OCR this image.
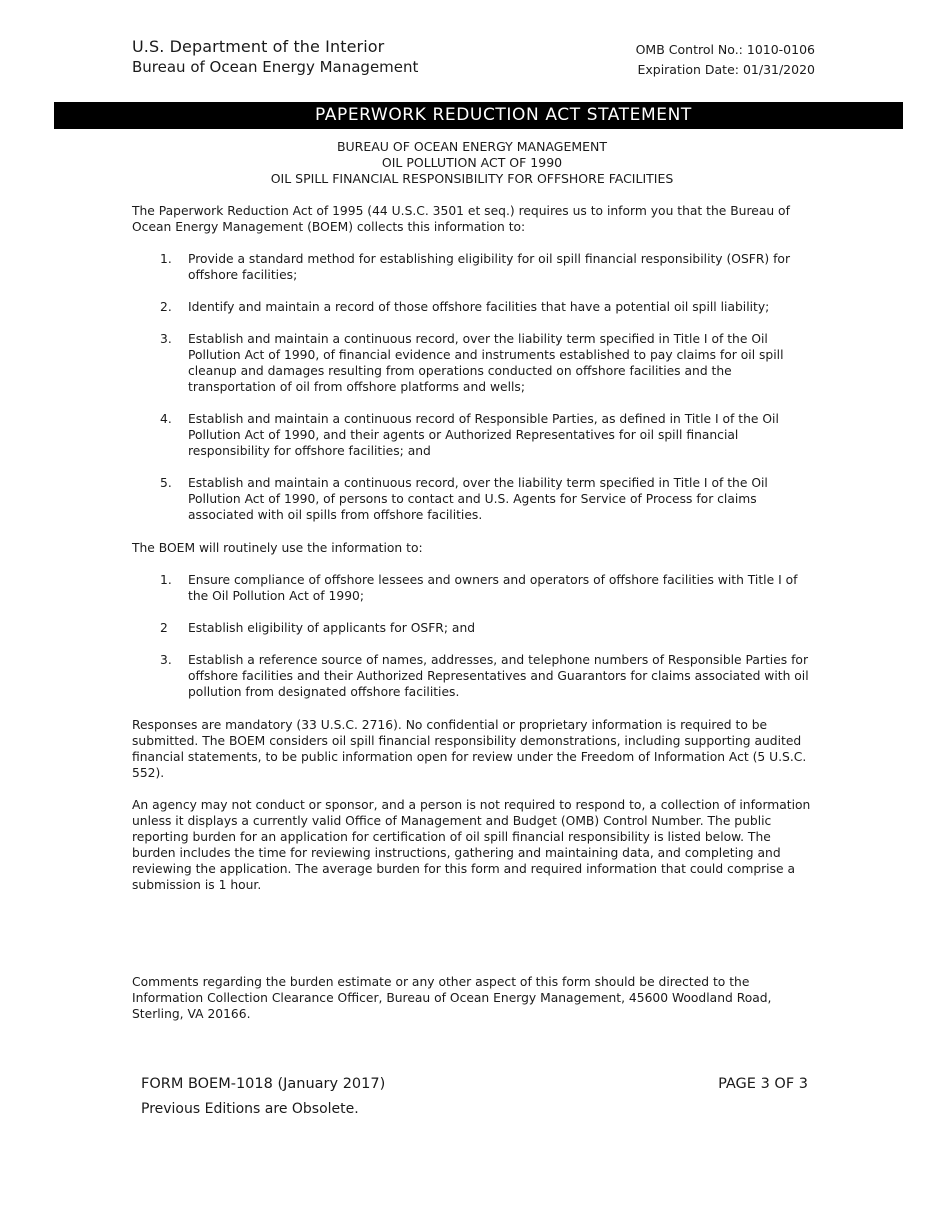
U.S. Department of the Interior
Bureau of Ocean Energy Management
OMB Control No.: 1010-0106
Expiration Date: 01/31/2020
PAPERWORK REDUCTION ACT STATEMENT
BUREAU OF OCEAN ENERGY MANAGEMENT
OIL POLLUTION ACT OF 1990
OIL SPILL FINANCIAL RESPONSIBILITY FOR OFFSHORE FACILITIES

The Paperwork Reduction Act of 1995 (44 U.S.C. 3501 et seq.) requires us to inform you that the Bureau of Ocean Energy Management (BOEM) collects this information to:

1. Provide a standard method for establishing eligibility for oil spill financial responsibility (OSFR) for offshore facilities;
2. Identify and maintain a record of those offshore facilities that have a potential oil spill liability;
3. Establish and maintain a continuous record, over the liability term specified in Title I of the Oil Pollution Act of 1990, of financial evidence and instruments established to pay claims for oil spill cleanup and damages resulting from operations conducted on offshore facilities and the transportation of oil from offshore platforms and wells;
4. Establish and maintain a continuous record of Responsible Parties, as defined in Title I of the Oil Pollution Act of 1990, and their agents or Authorized Representatives for oil spill financial responsibility for offshore facilities; and
5. Establish and maintain a continuous record, over the liability term specified in Title I of the Oil Pollution Act of 1990, of persons to contact and U.S. Agents for Service of Process for claims associated with oil spills from offshore facilities.

The BOEM will routinely use the information to:

1. Ensure compliance of offshore lessees and owners and operators of offshore facilities with Title I of the Oil Pollution Act of 1990;
2 Establish eligibility of applicants for OSFR; and
3. Establish a reference source of names, addresses, and telephone numbers of Responsible Parties for offshore facilities and their Authorized Representatives and Guarantors for claims associated with oil pollution from designated offshore facilities.

Responses are mandatory (33 U.S.C. 2716). No confidential or proprietary information is required to be submitted. The BOEM considers oil spill financial responsibility demonstrations, including supporting audited financial statements, to be public information open for review under the Freedom of Information Act (5 U.S.C. 552).

An agency may not conduct or sponsor, and a person is not required to respond to, a collection of information unless it displays a currently valid Office of Management and Budget (OMB) Control Number. The public reporting burden for an application for certification of oil spill financial responsibility is listed below. The burden includes the time for reviewing instructions, gathering and maintaining data, and completing and reviewing the application. The average burden for this form and required information that could comprise a submission is 1 hour.

Comments regarding the burden estimate or any other aspect of this form should be directed to the Information Collection Clearance Officer, Bureau of Ocean Energy Management, 45600 Woodland Road, Sterling, VA 20166.

FORM BOEM-1018 (January 2017)
Previous Editions are Obsolete.
PAGE 3 OF 3
